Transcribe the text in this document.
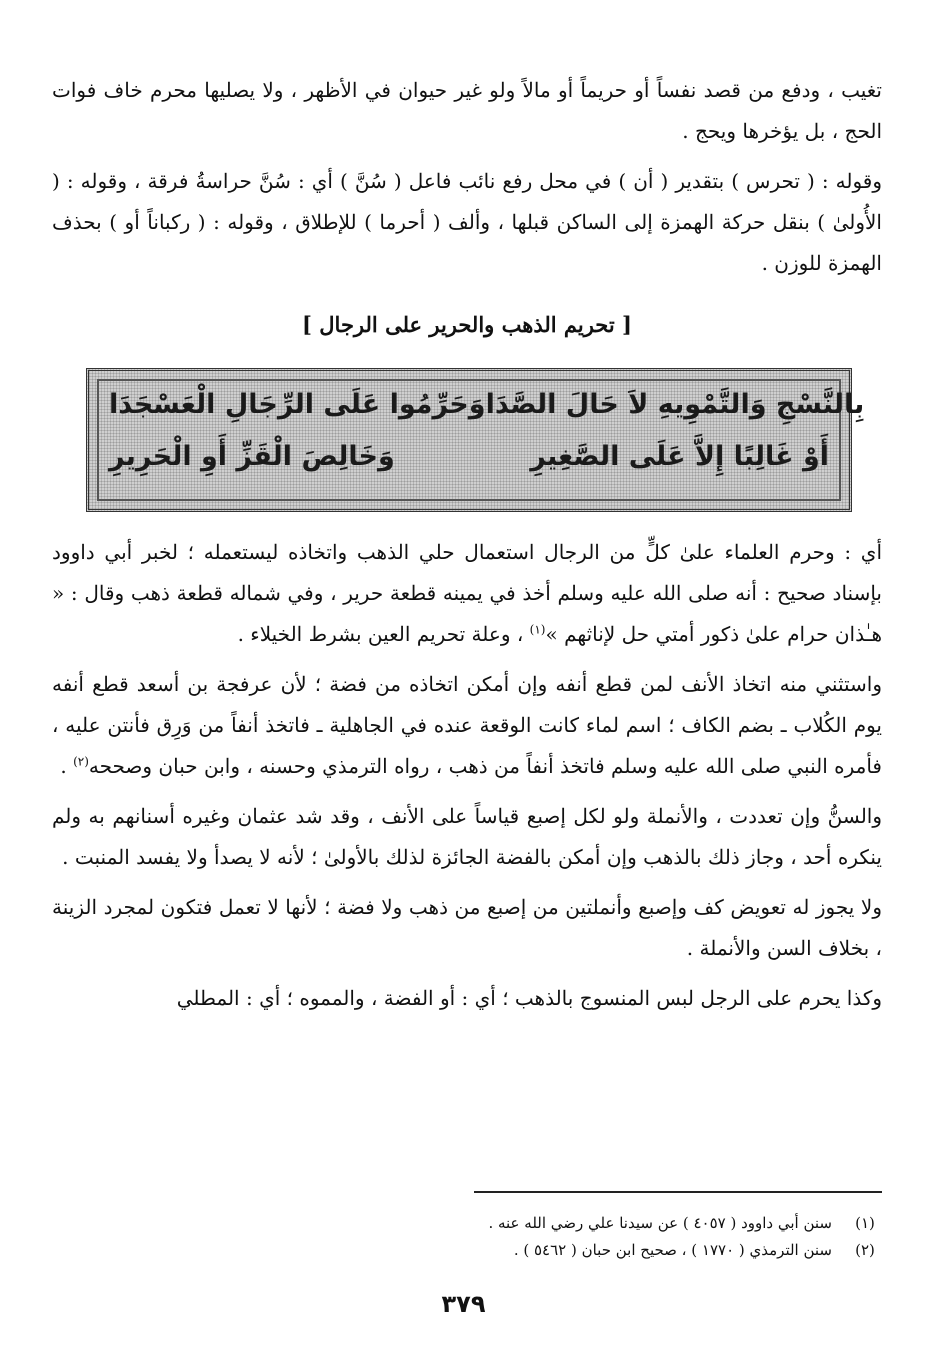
تغيب ، ودفع من قصد نفساً أو حريماً أو مالاً ولو غير حيوان في الأظهر ، ولا يصليها محرم خاف فوات الحج ، بل يؤخرها ويحج .

وقوله : ( تحرس ) بتقدير ( أن ) في محل رفع نائب فاعل ( سُنَّ ) أي : سُنَّ حراسةُ فرقة ، وقوله : ( الأُولىٰ ) بنقل حركة الهمزة إلى الساكن قبلها ، وألف ( أحرما ) للإطلاق ، وقوله : ( ركباناً أو ) بحذف الهمزة للوزن .

[ تحريم الذهب والحرير على الرجال ]
وَحَرِّمُوا عَلَى الرِّجَالِ الْعَسْجَدَا بِالنَّسْجِ وَالتَّمْوِيهِ لاَ حَالَ الصَّدَا
وَخَالِصَ الْقَزِّ أَوِ الْحَرِيرِ	أَوْ غَالِبًا إِلاَّ عَلَى الصَّغِيرِ

أي : وحرم العلماء علىٰ كلٍّ من الرجال استعمال حلي الذهب واتخاذه ليستعمله ؛ لخبر أبي داوود بإسناد صحيح : أنه صلى الله عليه وسلم أخذ في يمينه قطعة حرير ، وفي شماله قطعة ذهب وقال : « هـٰذان حرام علىٰ ذكور أمتي حل لإناثهم »$^{(١)}$ ، وعلة تحريم العين بشرط الخيلاء .

واستثني منه اتخاذ الأنف لمن قطع أنفه وإن أمكن اتخاذه من فضة ؛ لأن عرفجة بن أسعد قطع أنفه يوم الكُلاب ـ بضم الكاف ؛ اسم لماء كانت الوقعة عنده في الجاهلية ـ فاتخذ أنفاً من وَرِق فأنتن عليه ، فأمره النبي صلى الله عليه وسلم فاتخذ أنفاً من ذهب ، رواه الترمذي وحسنه ، وابن حبان وصححه$^{(٢)}$ .

والسنُّ وإن تعددت ، والأنملة ولو لكل إصبع قياساً على الأنف ، وقد شد عثمان وغيره أسنانهم به ولم ينكره أحد ، وجاز ذلك بالذهب وإن أمكن بالفضة الجائزة لذلك بالأولىٰ ؛ لأنه لا يصدأ ولا يفسد المنبت .

ولا يجوز له تعويض كف وإصبع وأنملتين من إصبع من ذهب ولا فضة ؛ لأنها لا تعمل فتكون لمجرد الزينة ، بخلاف السن والأنملة .

وكذا يحرم على الرجل لبس المنسوج بالذهب ؛ أي : أو الفضة ، والمموه ؛ أي : المطلي

(١)
سنن أبي داوود ( ٤٠٥٧ ) عن سيدنا علي رضي الله عنه .
(٢)
سنن الترمذي ( ١٧٧٠ ) ، صحيح ابن حبان ( ٥٤٦٢ ) .
٣٧٩
